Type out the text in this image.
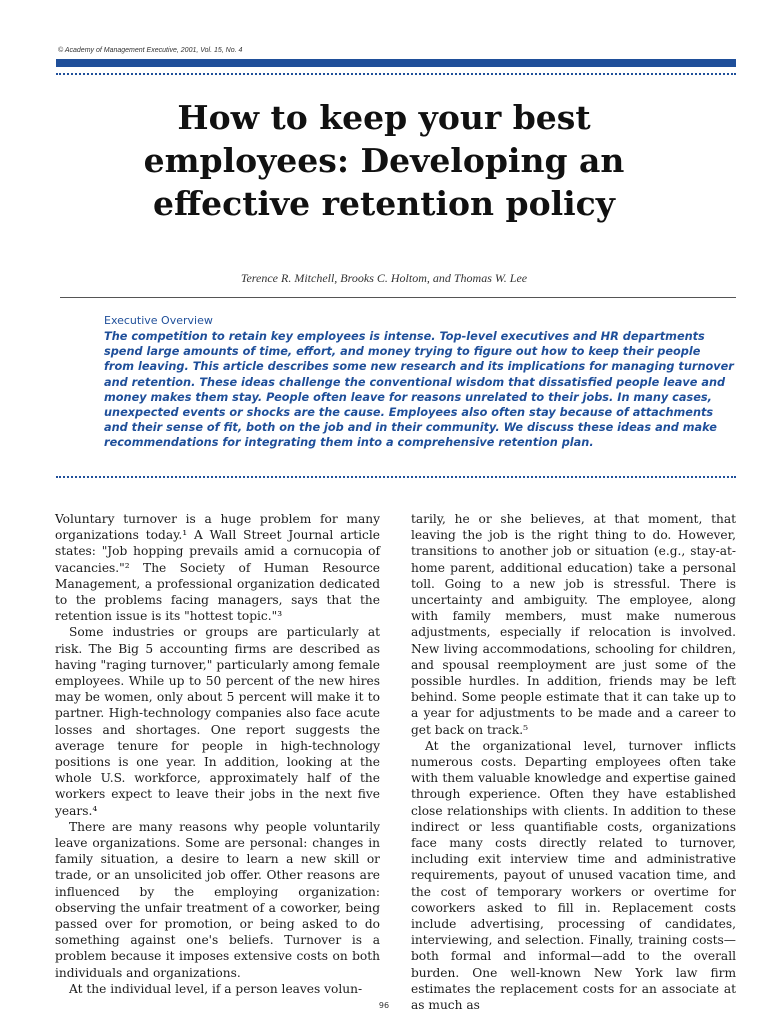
© Academy of Management Executive, 2001, Vol. 15, No. 4
How to keep your best
employees: Developing an
effective retention policy
Terence R. Mitchell, Brooks C. Holtom, and Thomas W. Lee
Executive Overview

The competition to retain key employees is intense. Top-level executives and HR departments spend large amounts of time, effort, and money trying to figure out how to keep their people from leaving. This article describes some new research and its implications for managing turnover and retention. These ideas challenge the conventional wisdom that dissatisfied people leave and money makes them stay. People often leave for reasons unrelated to their jobs. In many cases, unexpected events or shocks are the cause. Employees also often stay because of attachments and their sense of fit, both on the job and in their community. We discuss these ideas and make recommendations for integrating them into a comprehensive retention plan.

Voluntary turnover is a huge problem for many organizations today.¹ A Wall Street Journal article states: "Job hopping prevails amid a cornucopia of vacancies."² The Society of Human Resource Management, a professional organization dedicated to the problems facing managers, says that the retention issue is its "hottest topic."³

Some industries or groups are particularly at risk. The Big 5 accounting firms are described as having "raging turnover," particularly among female employees. While up to 50 percent of the new hires may be women, only about 5 percent will make it to partner. High-technology companies also face acute losses and shortages. One report suggests the average tenure for people in high-technology positions is one year. In addition, looking at the whole U.S. workforce, approximately half of the workers expect to leave their jobs in the next five years.⁴

There are many reasons why people voluntarily leave organizations. Some are personal: changes in family situation, a desire to learn a new skill or trade, or an unsolicited job offer. Other reasons are influenced by the employing organization: observing the unfair treatment of a coworker, being passed over for promotion, or being asked to do something against one's beliefs. Turnover is a problem because it imposes extensive costs on both individuals and organizations.

At the individual level, if a person leaves volun-

tarily, he or she believes, at that moment, that leaving the job is the right thing to do. However, transitions to another job or situation (e.g., stay-at-home parent, additional education) take a personal toll. Going to a new job is stressful. There is uncertainty and ambiguity. The employee, along with family members, must make numerous adjustments, especially if relocation is involved. New living accommodations, schooling for children, and spousal reemployment are just some of the possible hurdles. In addition, friends may be left behind. Some people estimate that it can take up to a year for adjustments to be made and a career to get back on track.⁵

At the organizational level, turnover inflicts numerous costs. Departing employees often take with them valuable knowledge and expertise gained through experience. Often they have established close relationships with clients. In addition to these indirect or less quantifiable costs, organizations face many costs directly related to turnover, including exit interview time and administrative requirements, payout of unused vacation time, and the cost of temporary workers or overtime for coworkers asked to fill in. Replacement costs include advertising, processing of candidates, interviewing, and selection. Finally, training costs—both formal and informal—add to the overall burden. One well-known New York law firm estimates the replacement costs for an associate at as much as

96
